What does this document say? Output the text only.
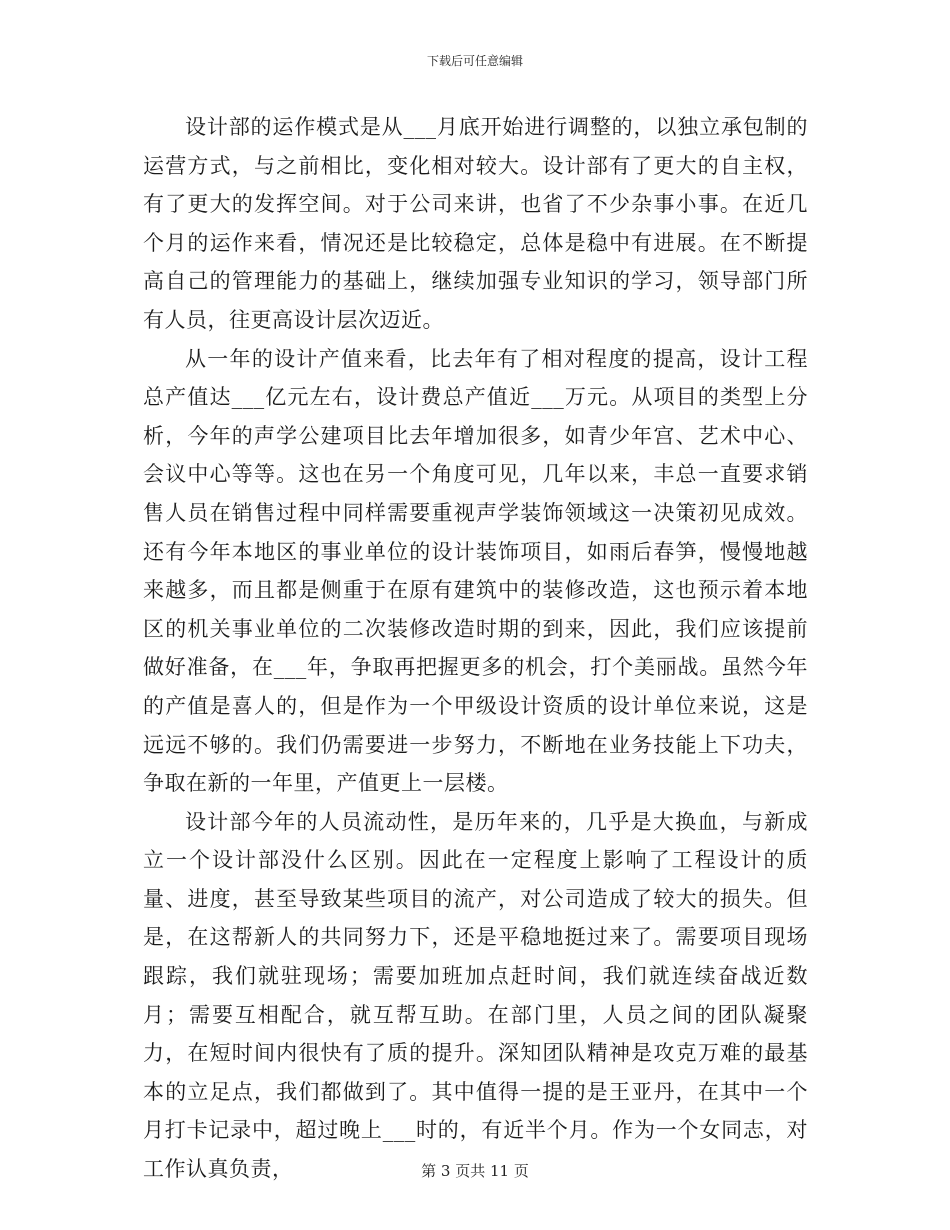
下载后可任意编辑

设计部的运作模式是从___月底开始进行调整的，以独立承包制的运营方式，与之前相比，变化相对较大。设计部有了更大的自主权，有了更大的发挥空间。对于公司来讲，也省了不少杂事小事。在近几个月的运作来看，情况还是比较稳定，总体是稳中有进展。在不断提高自己的管理能力的基础上，继续加强专业知识的学习，领导部门所有人员，往更高设计层次迈近。

从一年的设计产值来看，比去年有了相对程度的提高，设计工程总产值达___亿元左右，设计费总产值近___万元。从项目的类型上分析，今年的声学公建项目比去年增加很多，如青少年宫、艺术中心、会议中心等等。这也在另一个角度可见，几年以来，丰总一直要求销售人员在销售过程中同样需要重视声学装饰领域这一决策初见成效。还有今年本地区的事业单位的设计装饰项目，如雨后春笋，慢慢地越来越多，而且都是侧重于在原有建筑中的装修改造，这也预示着本地区的机关事业单位的二次装修改造时期的到来，因此，我们应该提前做好准备，在___年，争取再把握更多的机会，打个美丽战。虽然今年的产值是喜人的，但是作为一个甲级设计资质的设计单位来说，这是远远不够的。我们仍需要进一步努力，不断地在业务技能上下功夫，争取在新的一年里，产值更上一层楼。

设计部今年的人员流动性，是历年来的，几乎是大换血，与新成立一个设计部没什么区别。因此在一定程度上影响了工程设计的质量、进度，甚至导致某些项目的流产，对公司造成了较大的损失。但是，在这帮新人的共同努力下，还是平稳地挺过来了。需要项目现场跟踪，我们就驻现场；需要加班加点赶时间，我们就连续奋战近数月；需要互相配合，就互帮互助。在部门里，人员之间的团队凝聚力，在短时间内很快有了质的提升。深知团队精神是攻克万难的最基本的立足点，我们都做到了。其中值得一提的是王亚丹，在其中一个月打卡记录中，超过晚上___时的，有近半个月。作为一个女同志，对工作认真负责，	第 3 页共 11 页
